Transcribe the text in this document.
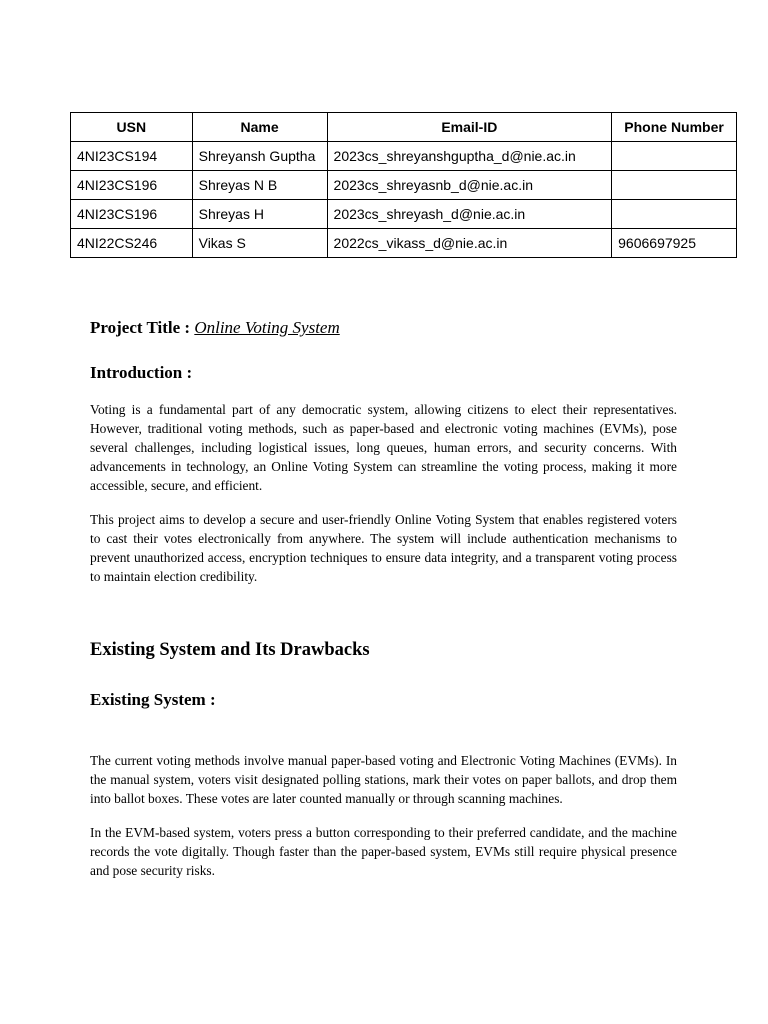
USN	Name	Email-ID	Phone Number
4NI23CS194	Shreyansh Guptha	2023cs_shreyanshguptha_d@nie.ac.in	
4NI23CS196	Shreyas N B	2023cs_shreyasnb_d@nie.ac.in	
4NI23CS196	Shreyas H	2023cs_shreyash_d@nie.ac.in	
4NI22CS246	Vikas S	2022cs_vikass_d@nie.ac.in	9606697925
Project Title : Online Voting System
Introduction :

Voting is a fundamental part of any democratic system, allowing citizens to elect their representatives. However, traditional voting methods, such as paper-based and electronic voting machines (EVMs), pose several challenges, including logistical issues, long queues, human errors, and security concerns. With advancements in technology, an Online Voting System can streamline the voting process, making it more accessible, secure, and efficient.

This project aims to develop a secure and user-friendly Online Voting System that enables registered voters to cast their votes electronically from anywhere. The system will include authentication mechanisms to prevent unauthorized access, encryption techniques to ensure data integrity, and a transparent voting process to maintain election credibility.

Existing System and Its Drawbacks
Existing System :

The current voting methods involve manual paper-based voting and Electronic Voting Machines (EVMs). In the manual system, voters visit designated polling stations, mark their votes on paper ballots, and drop them into ballot boxes. These votes are later counted manually or through scanning machines.

In the EVM-based system, voters press a button corresponding to their preferred candidate, and the machine records the vote digitally. Though faster than the paper-based system, EVMs still require physical presence and pose security risks.
